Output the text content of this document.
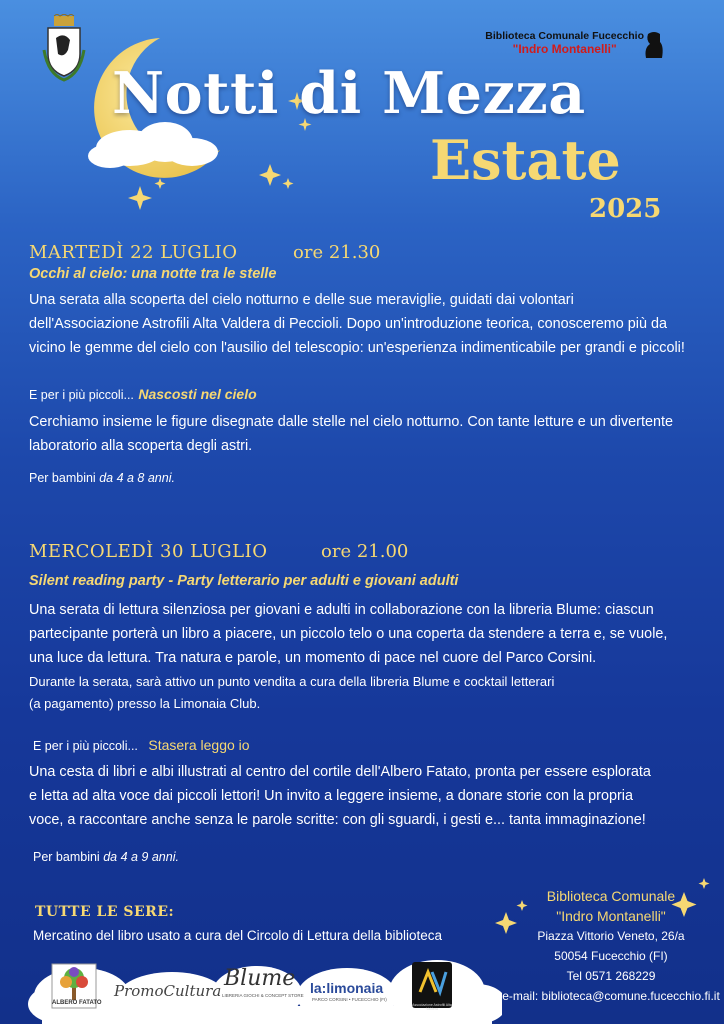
Biblioteca Comunale Fucecchio
"Indro Montanelli"
Notti di Mezza
Estate
2025
MARTEDÌ 22 LUGLIO	ore 21.30
Occhi al cielo: una notte tra le stelle
Una serata alla scoperta del cielo notturno e delle sue meraviglie, guidati dai volontari
dell'Associazione Astrofili Alta Valdera di Peccioli. Dopo un'introduzione teorica, conosceremo più da
vicino le gemme del cielo con l'ausilio del telescopio: un'esperienza indimenticabile per grandi e piccoli!
E per i più piccoli... Nascosti nel cielo
Cerchiamo insieme le figure disegnate dalle stelle nel cielo notturno. Con tante letture e un divertente
laboratorio alla scoperta degli astri.
Per bambini da 4 a 8 anni.
MERCOLEDÌ 30 LUGLIO	ore 21.00
Silent reading party - Party letterario per adulti e giovani adulti
Una serata di lettura silenziosa per giovani e adulti in collaborazione con la libreria Blume: ciascun
partecipante porterà un libro a piacere, un piccolo telo o una coperta da stendere a terra e, se vuole,
una luce da lettura. Tra natura e parole, un momento di pace nel cuore del Parco Corsini.
Durante la serata, sarà attivo un punto vendita a cura della libreria Blume e cocktail letterari
(a pagamento) presso la Limonaia Club.
E per i più piccoli... Stasera leggo io
Una cesta di libri e albi illustrati al centro del cortile dell'Albero Fatato, pronta per essere esplorata
e letta ad alta voce dai piccoli lettori! Un invito a leggere insieme, a donare storie con la propria
voce, a raccontare anche senza le parole scritte: con gli sguardi, i gesti e... tanta immaginazione!
Per bambini da 4 a 9 anni.
TUTTE LE SERE:
Mercatino del libro usato a cura del Circolo di Lettura della biblioteca
Biblioteca Comunale
"Indro Montanelli"
Piazza Vittorio Veneto, 26/a
50054 Fucecchio (FI)
Tel 0571 268229
e-mail: biblioteca@comune.fucecchio.fi.it
ALBERO FATATO
PromoCultura Blume
LIBRERIA GIOCHI & CONCEPT STORE la:limonaia
PARCO CORSINI • FUCECCHIO (FI)
Associazione Astrofili Alta Valdera
